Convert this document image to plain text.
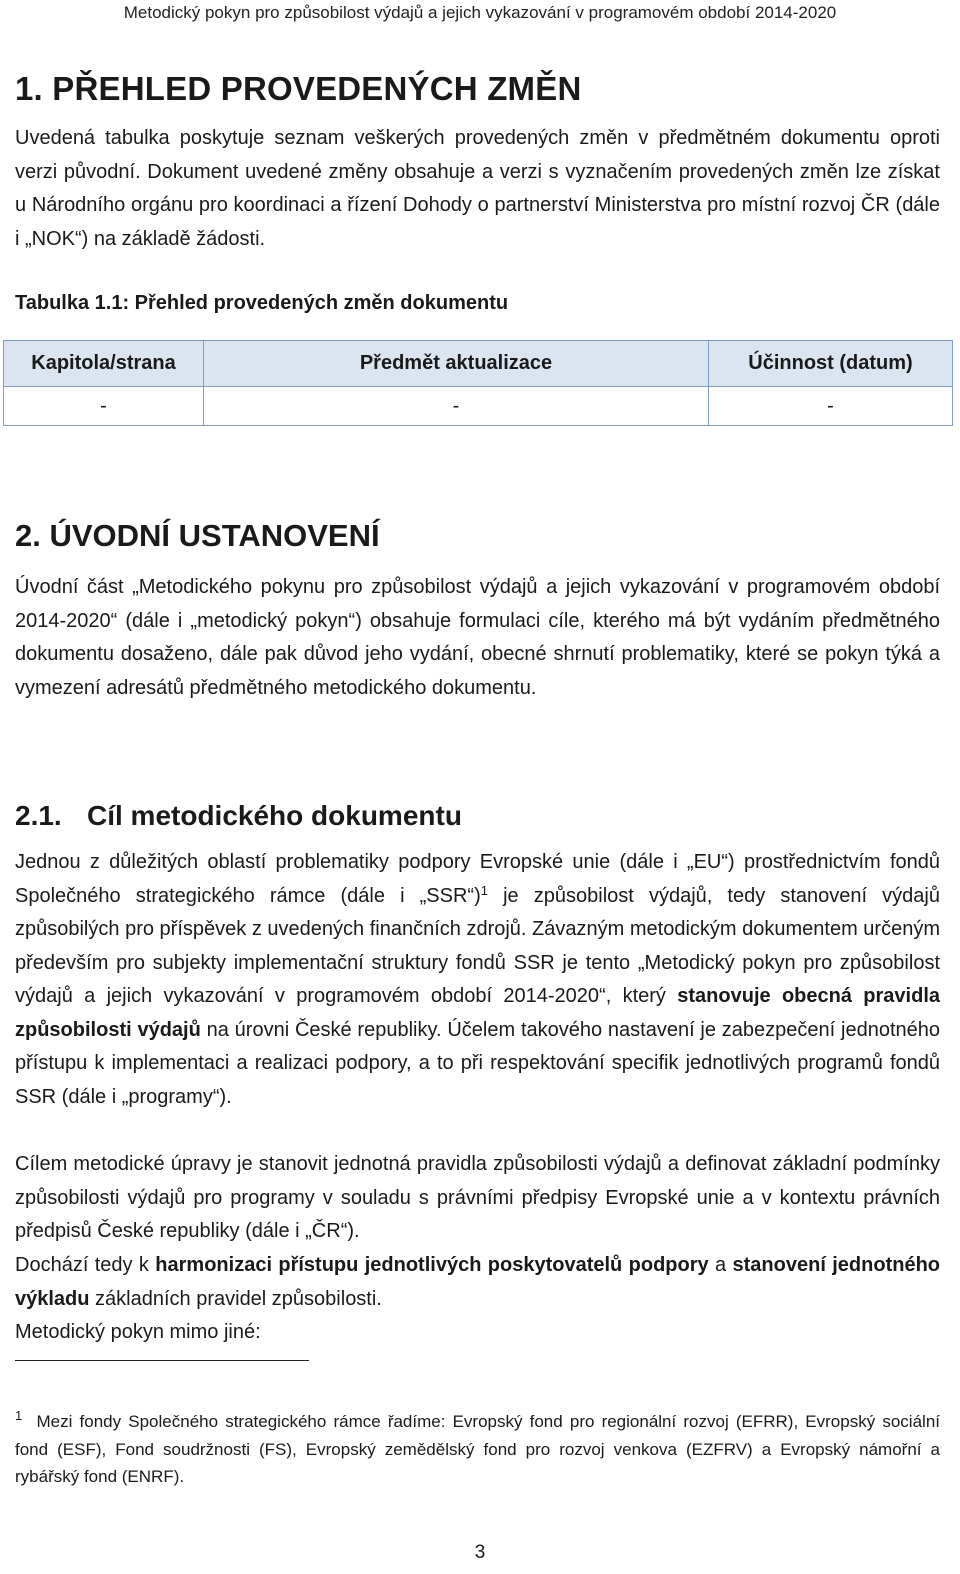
Metodický pokyn pro způsobilost výdajů a jejich vykazování v programovém období 2014-2020
1. PŘEHLED PROVEDENÝCH ZMĚN

Uvedená tabulka poskytuje seznam veškerých provedených změn v předmětném dokumentu oproti verzi původní. Dokument uvedené změny obsahuje a verzi s vyznačením provedených změn lze získat u Národního orgánu pro koordinaci a řízení Dohody o partnerství Ministerstva pro místní rozvoj ČR (dále i „NOK“) na základě žádosti.

Tabulka 1.1: Přehled provedených změn dokumentu

Kapitola/strana	Předmět aktualizace	Účinnost (datum)
-	-	-
2. ÚVODNÍ USTANOVENÍ

Úvodní část „Metodického pokynu pro způsobilost výdajů a jejich vykazování v programovém období 2014-2020“ (dále i „metodický pokyn“) obsahuje formulaci cíle, kterého má být vydáním předmětného dokumentu dosaženo, dále pak důvod jeho vydání, obecné shrnutí problematiky, které se pokyn týká a vymezení adresátů předmětného metodického dokumentu.

2.1. Cíl metodického dokumentu

Jednou z důležitých oblastí problematiky podpory Evropské unie (dále i „EU“) prostřednictvím fondů Společného strategického rámce (dále i „SSR“)$^1$ je způsobilost výdajů, tedy stanovení výdajů způsobilých pro příspěvek z uvedených finančních zdrojů. Závazným metodickým dokumentem určeným především pro subjekty implementační struktury fondů SSR je tento „Metodický pokyn pro způsobilost výdajů a jejich vykazování v programovém období 2014-2020“, který stanovuje obecná pravidla způsobilosti výdajů na úrovni České republiky. Účelem takového nastavení je zabezpečení jednotného přístupu k implementaci a realizaci podpory, a to při respektování specifik jednotlivých programů fondů SSR (dále i „programy“).

Cílem metodické úpravy je stanovit jednotná pravidla způsobilosti výdajů a definovat základní podmínky způsobilosti výdajů pro programy v souladu s právními předpisy Evropské unie a v kontextu právních předpisů České republiky (dále i „ČR“).

Dochází tedy k harmonizaci přístupu jednotlivých poskytovatelů podpory a stanovení jednotného výkladu základních pravidel způsobilosti.

Metodický pokyn mimo jiné:

$^1$ Mezi fondy Společného strategického rámce řadíme: Evropský fond pro regionální rozvoj (EFRR), Evropský sociální fond (ESF), Fond soudržnosti (FS), Evropský zemědělský fond pro rozvoj venkova (EZFRV) a Evropský námořní a rybářský fond (ENRF).

3
